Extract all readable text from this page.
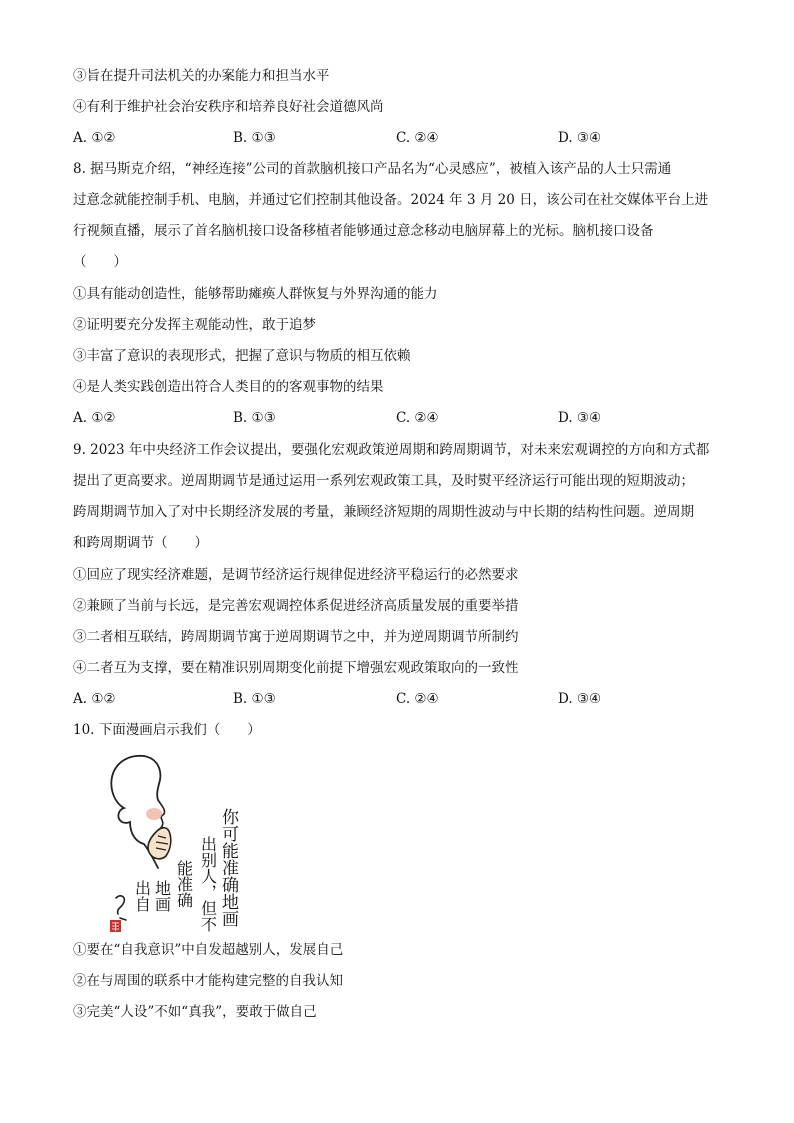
③旨在提升司法机关的办案能力和担当水平
④有利于维护社会治安秩序和培养良好社会道德风尚
A. ①②	B. ①③	C. ②④	D. ③④
8. 据马斯克介绍，“神经连接”公司的首款脑机接口产品名为“心灵感应”，被植入该产品的人士只需通
过意念就能控制手机、电脑，并通过它们控制其他设备。2024 年 3 月 20 日，该公司在社交媒体平台上进
行视频直播，展示了首名脑机接口设备移植者能够通过意念移动电脑屏幕上的光标。脑机接口设备
（　　）
①具有能动创造性，能够帮助瘫痪人群恢复与外界沟通的能力
②证明要充分发挥主观能动性，敢于追梦
③丰富了意识的表现形式，把握了意识与物质的相互依赖
④是人类实践创造出符合人类目的的客观事物的结果
A. ①②	B. ①③	C. ②④	D. ③④
9. 2023 年中央经济工作会议提出，要强化宏观政策逆周期和跨周期调节，对未来宏观调控的方向和方式都
提出了更高要求。逆周期调节是通过运用一系列宏观政策工具，及时熨平经济运行可能出现的短期波动；
跨周期调节加入了对中长期经济发展的考量，兼顾经济短期的周期性波动与中长期的结构性问题。逆周期
和跨周期调节（　　）
①回应了现实经济难题，是调节经济运行规律促进经济平稳运行的必然要求
②兼顾了当前与长远，是完善宏观调控体系促进经济高质量发展的重要举措
③二者相互联结，跨周期调节寓于逆周期调节之中，并为逆周期调节所制约
④二者互为支撑，要在精准识别周期变化前提下增强宏观政策取向的一致性
A. ①②	B. ①③	C. ②④	D. ③④
10. 下面漫画启示我们（　　）
你可能准确地画
出别人，但不
能准确
地画
出自
①要在“自我意识”中自发超越别人，发展自己
②在与周围的联系中才能构建完整的自我认知
③完美“人设”不如“真我”，要敢于做自己
